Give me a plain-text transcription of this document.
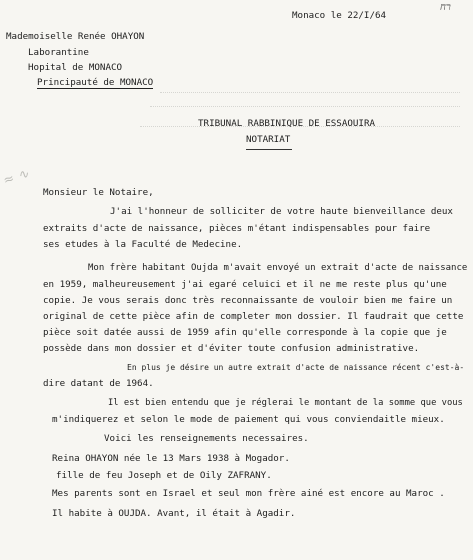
רח
Monaco le 22/I/64
Mademoiselle Renée OHAYON
Laborantine
Hopital de MONACO
Principauté de MONACO
TRIBUNAL RABBINIQUE DE ESSAOUIRA
NOTARIAT
≈ ∿
Monsieur le Notaire,
J'ai l'honneur de solliciter de votre haute bienveillance deux
extraits d'acte de naissance, pièces m'étant indispensables pour faire
ses etudes à la Faculté de Medecine.
Mon frère habitant Oujda m'avait envoyé un extrait d'acte de naissance
en 1959, malheureusement j'ai egaré celuici et il ne me reste plus qu'une
copie. Je vous serais donc très reconnaissante de vouloir bien me faire un
original de cette pièce afin de completer mon dossier. Il faudrait que cette
pièce soit datée aussi de 1959 afin qu'elle corresponde à la copie que je
possède dans mon dossier et d'éviter toute confusion administrative.
En plus je désire un autre extrait d'acte de naissance récent c'est-à-
dire datant de 1964.
Il est bien entendu que je réglerai le montant de la somme que vous
m'indiquerez et selon le mode de paiement qui vous conviendaitle mieux.
Voici les renseignements necessaires.
Reina OHAYON née le 13 Mars 1938 à Mogador.
fille de feu Joseph et de Oily ZAFRANY.
Mes parents sont en Israel et seul mon frère ainé est encore au Maroc .
Il habite à OUJDA. Avant, il était à Agadir.
